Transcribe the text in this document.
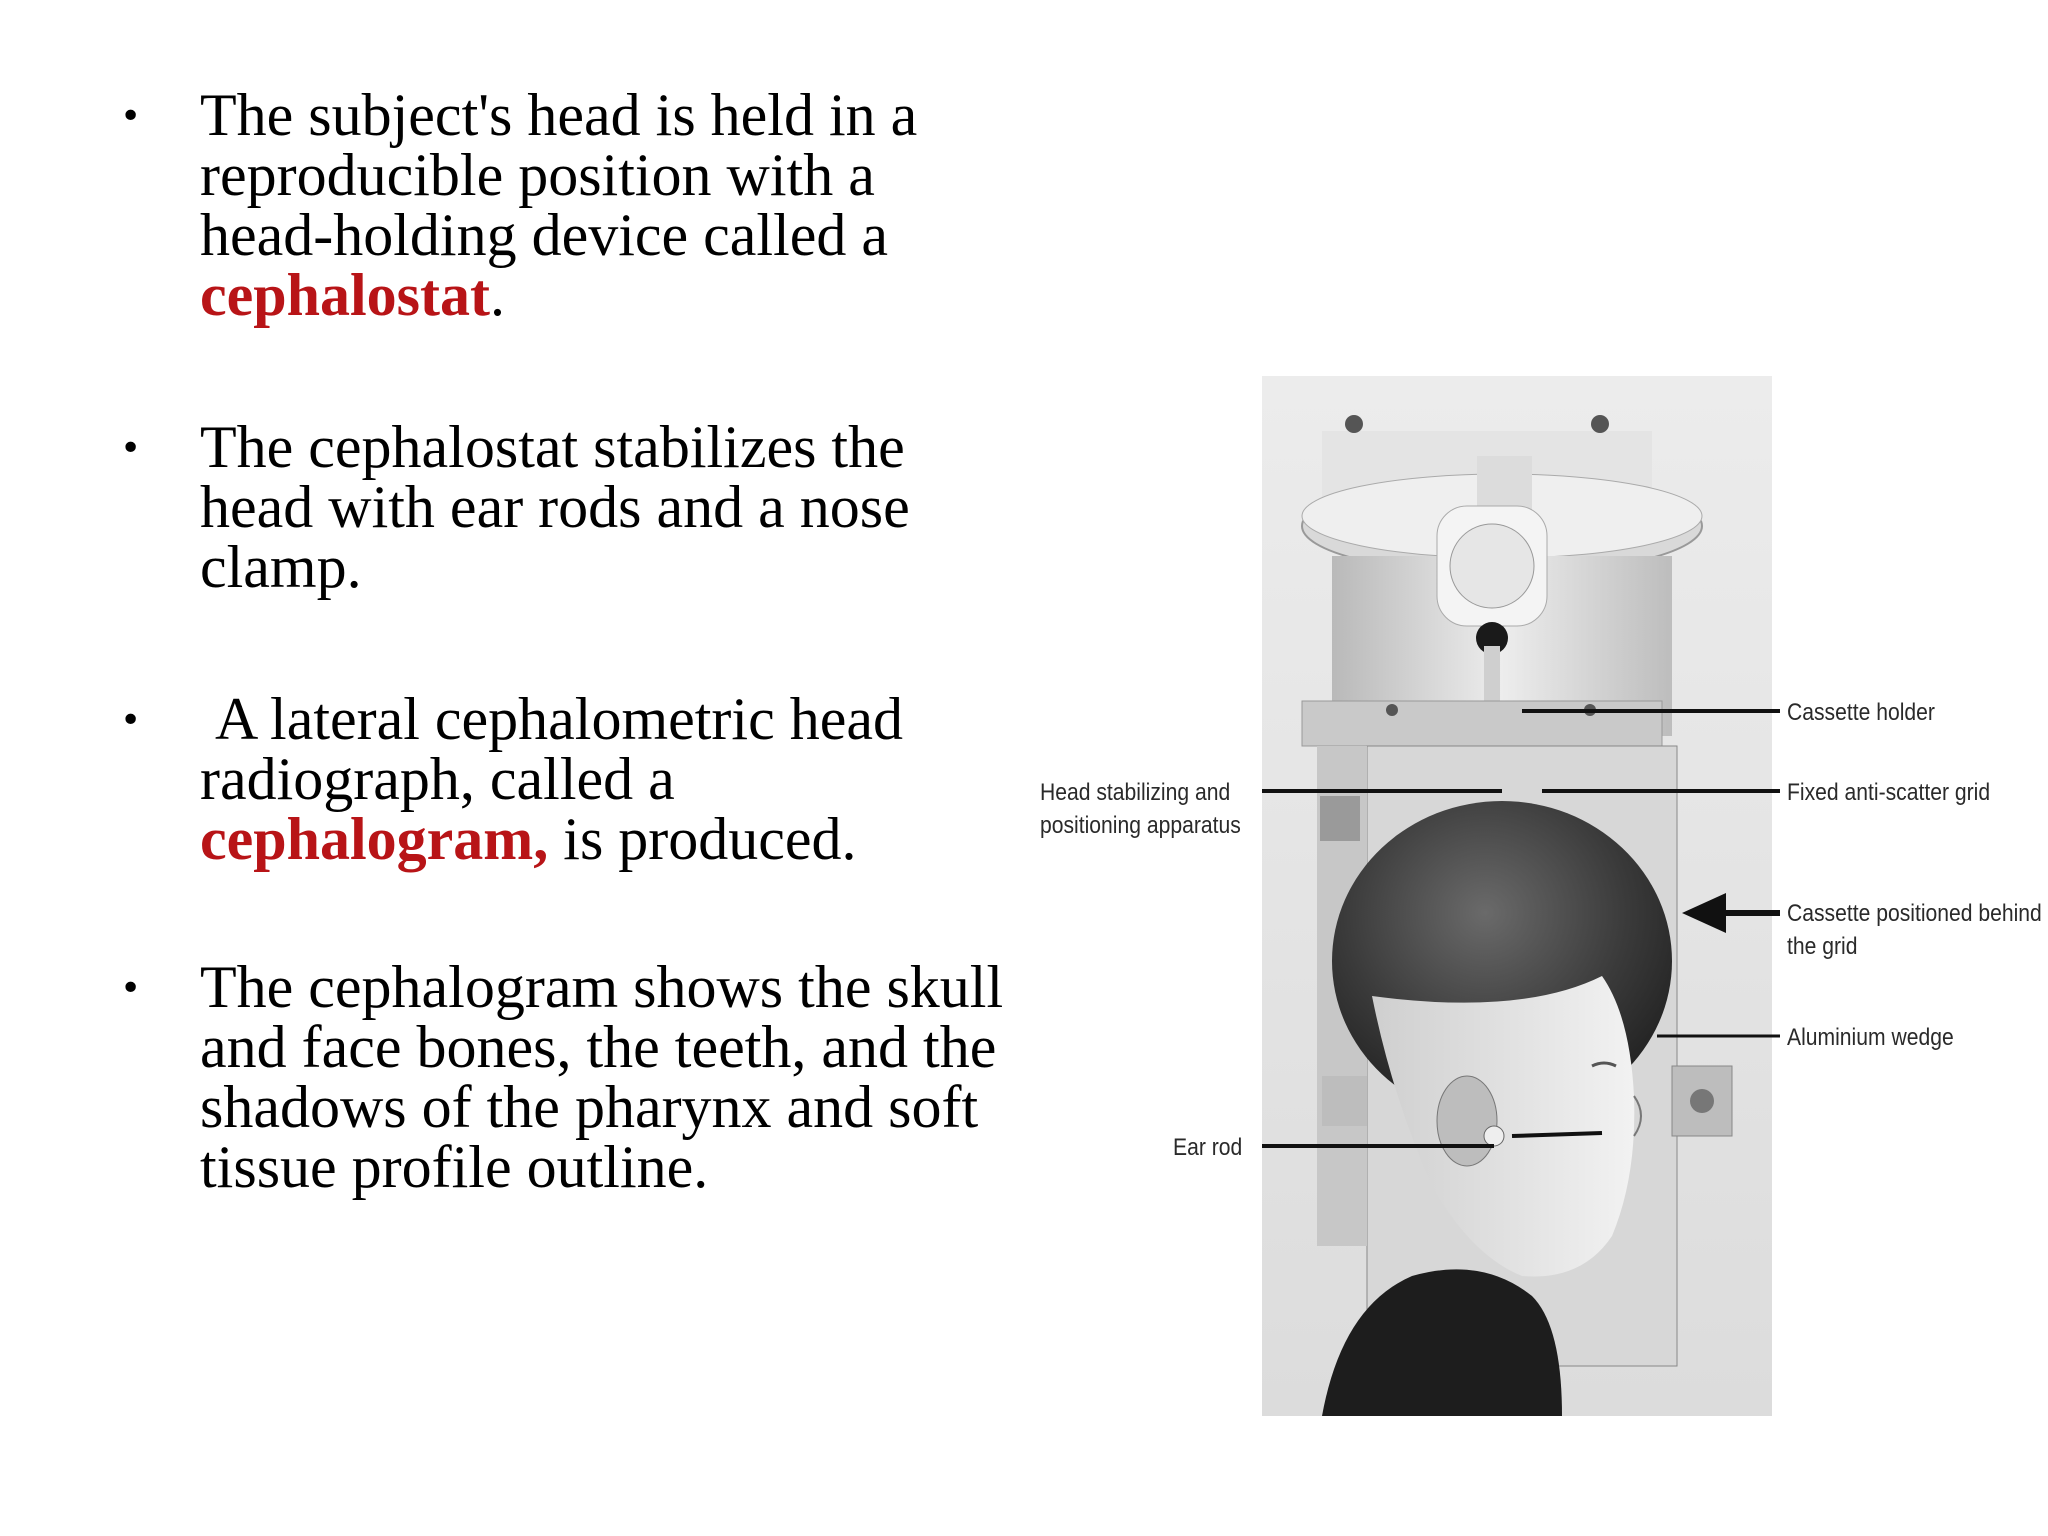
• The subject's head is held in a reproducible position with a head-holding device called a cephalostat.
• The cephalostat stabilizes the head with ear rods and a nose clamp.
• A lateral cephalometric head radiograph, called a cephalogram, is produced.
• The cephalogram shows the skull and face bones, the teeth, and the shadows of the pharynx and soft tissue profile outline.
Cassette holder
Fixed anti-scatter grid
Cassette positioned behind
the grid
Aluminium wedge
Head stabilizing and
positioning apparatus
Ear rod
